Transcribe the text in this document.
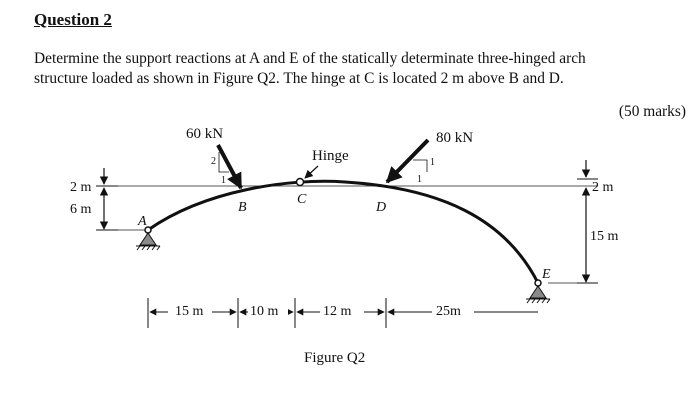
Question 2
Determine the support reactions at A and E of the statically determinate three-hinged arch
structure loaded as shown in Figure Q2. The hinge at C is located 2 m above B and D.
(50 marks)
A
E
B
C
D
Hinge
60 kN
2
1
80 kN
1
1
2 m
6 m
2 m
15 m
15 m	10 m	12 m	25m
Figure Q2
